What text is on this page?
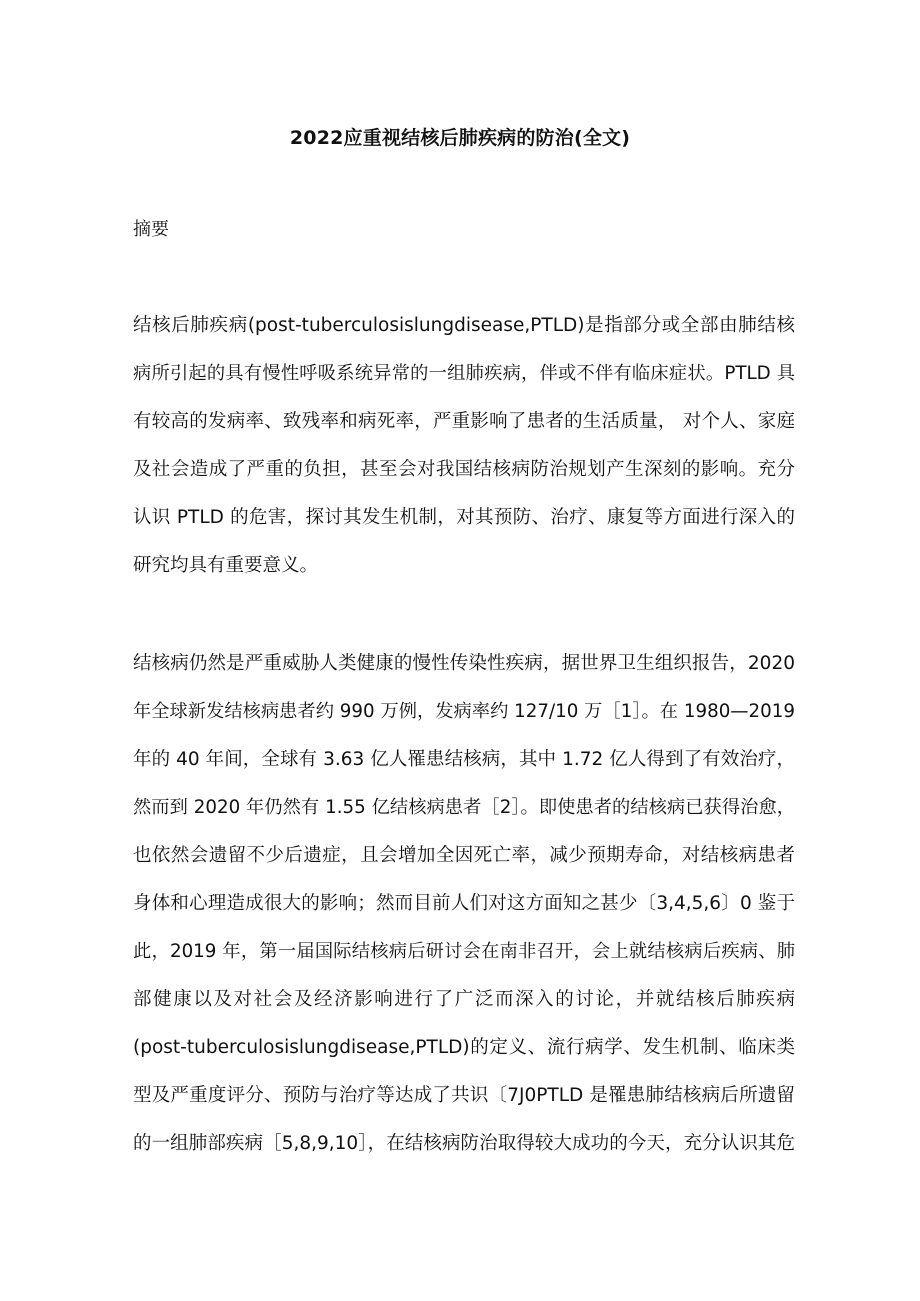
2022应重视结核后肺疾病的防治(全文)
摘要
结核后肺疾病(post-tuberculosislungdisease,PTLD)是指部分或全部由肺结核
病所引起的具有慢性呼吸系统异常的一组肺疾病，伴或不伴有临床症状。PTLD 具
有较高的发病率、致残率和病死率，严重影响了患者的生活质量， 对个人、家庭
及社会造成了严重的负担，甚至会对我国结核病防治规划产生深刻的影响。充分
认识 PTLD 的危害，探讨其发生机制，对其预防、治疗、康复等方面进行深入的
研究均具有重要意义。
结核病仍然是严重威胁人类健康的慢性传染性疾病，据世界卫生组织报告，2020
年全球新发结核病患者约 990 万例，发病率约 127/10 万［1］。在 1980—2019
年的 40 年间，全球有 3.63 亿人罹患结核病，其中 1.72 亿人得到了有效治疗，
然而到 2020 年仍然有 1.55 亿结核病患者［2］。即使患者的结核病已获得治愈，
也依然会遗留不少后遗症，且会增加全因死亡率，减少预期寿命，对结核病患者
身体和心理造成很大的影响；然而目前人们对这方面知之甚少〔3,4,5,6〕0 鉴于
此，2019 年，第一届国际结核病后研讨会在南非召开，会上就结核病后疾病、肺
部健康以及对社会及经济影响进行了广泛而深入的讨论，并就结核后肺疾病
(post-tuberculosislungdisease,PTLD)的定义、流行病学、发生机制、临床类
型及严重度评分、预防与治疗等达成了共识〔7J0PTLD 是罹患肺结核病后所遗留
的一组肺部疾病［5,8,9,10］，在结核病防治取得较大成功的今天，充分认识其危
